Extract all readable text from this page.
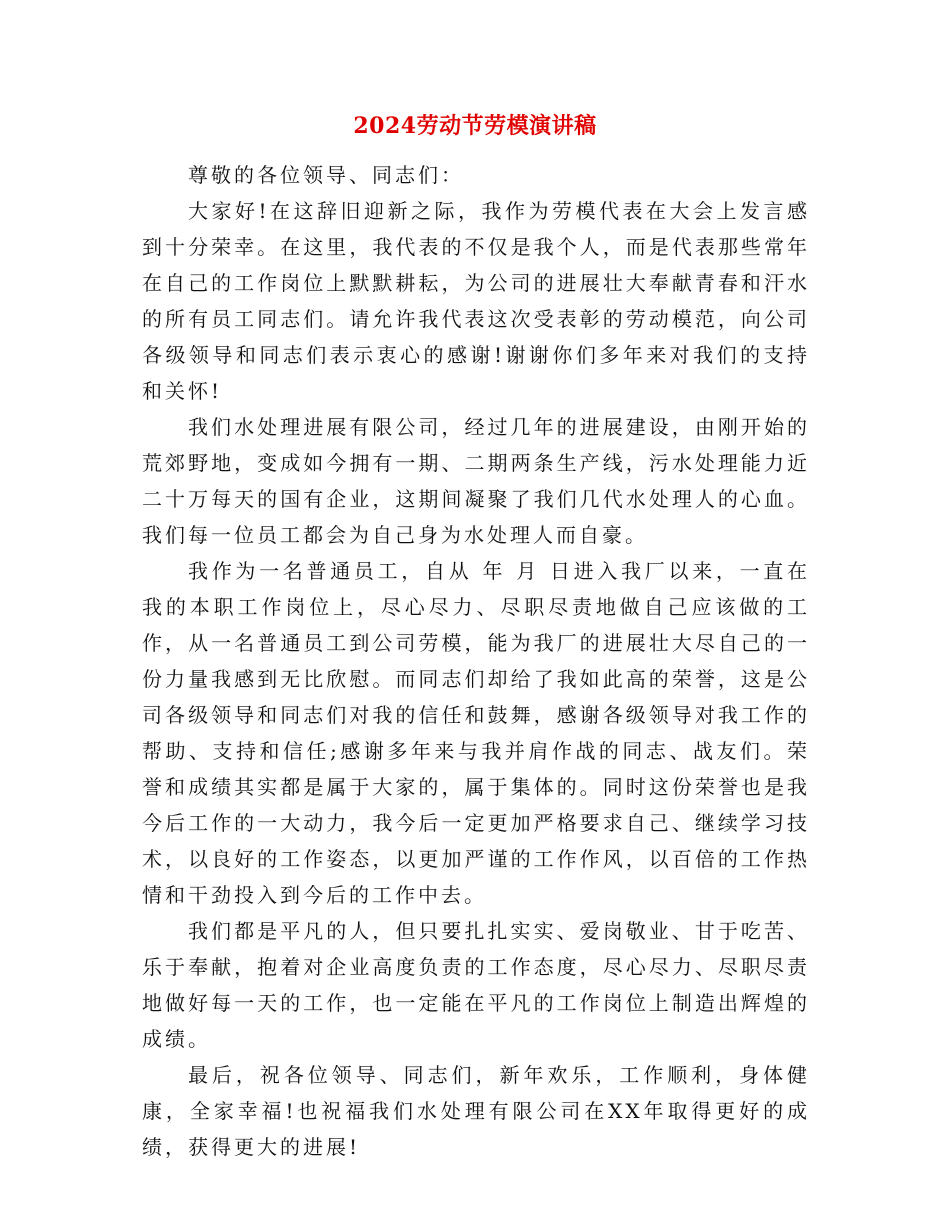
2024劳动节劳模演讲稿

尊敬的各位领导、同志们：

大家好!在这辞旧迎新之际，我作为劳模代表在大会上发言感到十分荣幸。在这里，我代表的不仅是我个人，而是代表那些常年在自己的工作岗位上默默耕耘，为公司的进展壮大奉献青春和汗水的所有员工同志们。请允许我代表这次受表彰的劳动模范，向公司各级领导和同志们表示衷心的感谢!谢谢你们多年来对我们的支持和关怀!

我们水处理进展有限公司，经过几年的进展建设，由刚开始的荒郊野地，变成如今拥有一期、二期两条生产线，污水处理能力近二十万每天的国有企业，这期间凝聚了我们几代水处理人的心血。我们每一位员工都会为自己身为水处理人而自豪。

我作为一名普通员工，自从 年 月 日进入我厂以来，一直在我的本职工作岗位上，尽心尽力、尽职尽责地做自己应该做的工作，从一名普通员工到公司劳模，能为我厂的进展壮大尽自己的一份力量我感到无比欣慰。而同志们却给了我如此高的荣誉，这是公司各级领导和同志们对我的信任和鼓舞，感谢各级领导对我工作的帮助、支持和信任;感谢多年来与我并肩作战的同志、战友们。荣誉和成绩其实都是属于大家的，属于集体的。同时这份荣誉也是我今后工作的一大动力，我今后一定更加严格要求自己、继续学习技术，以良好的工作姿态，以更加严谨的工作作风，以百倍的工作热情和干劲投入到今后的工作中去。

我们都是平凡的人，但只要扎扎实实、爱岗敬业、甘于吃苦、乐于奉献，抱着对企业高度负责的工作态度，尽心尽力、尽职尽责地做好每一天的工作，也一定能在平凡的工作岗位上制造出辉煌的成绩。

最后，祝各位领导、同志们，新年欢乐，工作顺利，身体健康，全家幸福!也祝福我们水处理有限公司在XX年取得更好的成绩，获得更大的进展!
